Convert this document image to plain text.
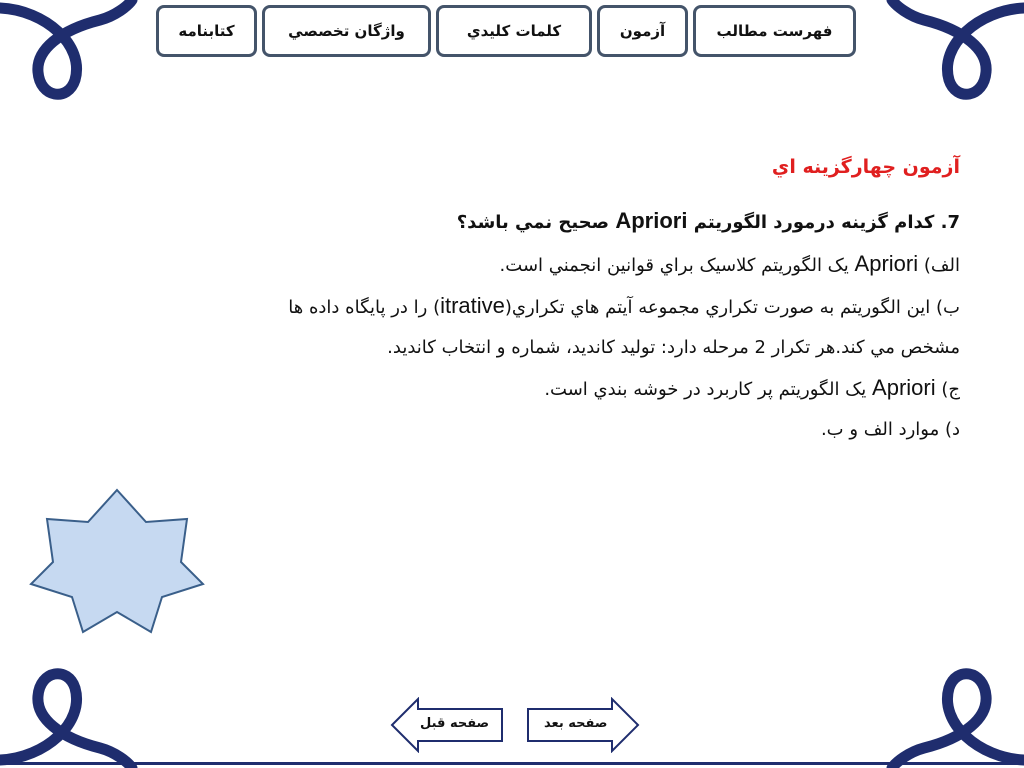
فهرست مطالب
آزمون
كلمات كليدي
واژگان تخصصي
كتابنامه
آزمون چهارگزينه اي
7. كدام گزينه درمورد الگوريتم Apriori صحيح نمي باشد؟
الف) Apriori يک الگوريتم کلاسيک براي قوانين انجمني است.
ب) اين الگوريتم به صورت تکراري مجموعه آيتم هاي تکراري(itrative) را در پايگاه داده ها
مشخص مي کند.هر تکرار 2 مرحله دارد: توليد کانديد، شماره و انتخاب کانديد.
ج) Apriori يک الگوريتم پر کاربرد در خوشه بندي است.
د) موارد الف و ب.
صفحه قبل	صفحه بعد
